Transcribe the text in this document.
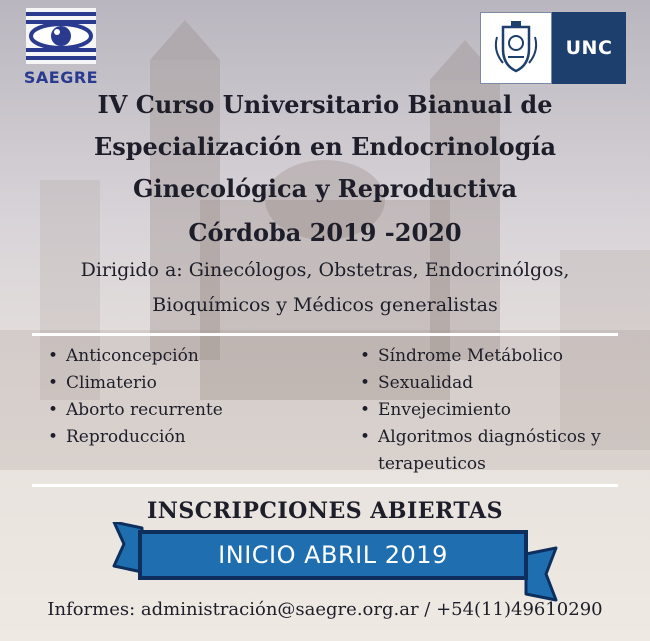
SAEGRE
UNC
IV Curso Universitario Bianual de
Especialización en Endocrinología
Ginecológica y Reproductiva
Córdoba 2019 -2020
Dirigido a: Ginecólogos, Obstetras, Endocrinólgos,
Bioquímicos y Médicos generalistas
• Anticoncepción
• Climaterio
• Aborto recurrente
• Reproducción
• Síndrome Metábolico
• Sexualidad
• Envejecimiento
• Algoritmos diagnósticos y terapeuticos
INSCRIPCIONES ABIERTAS
INICIO ABRIL 2019
Informes: administración@saegre.org.ar / +54(11)49610290
